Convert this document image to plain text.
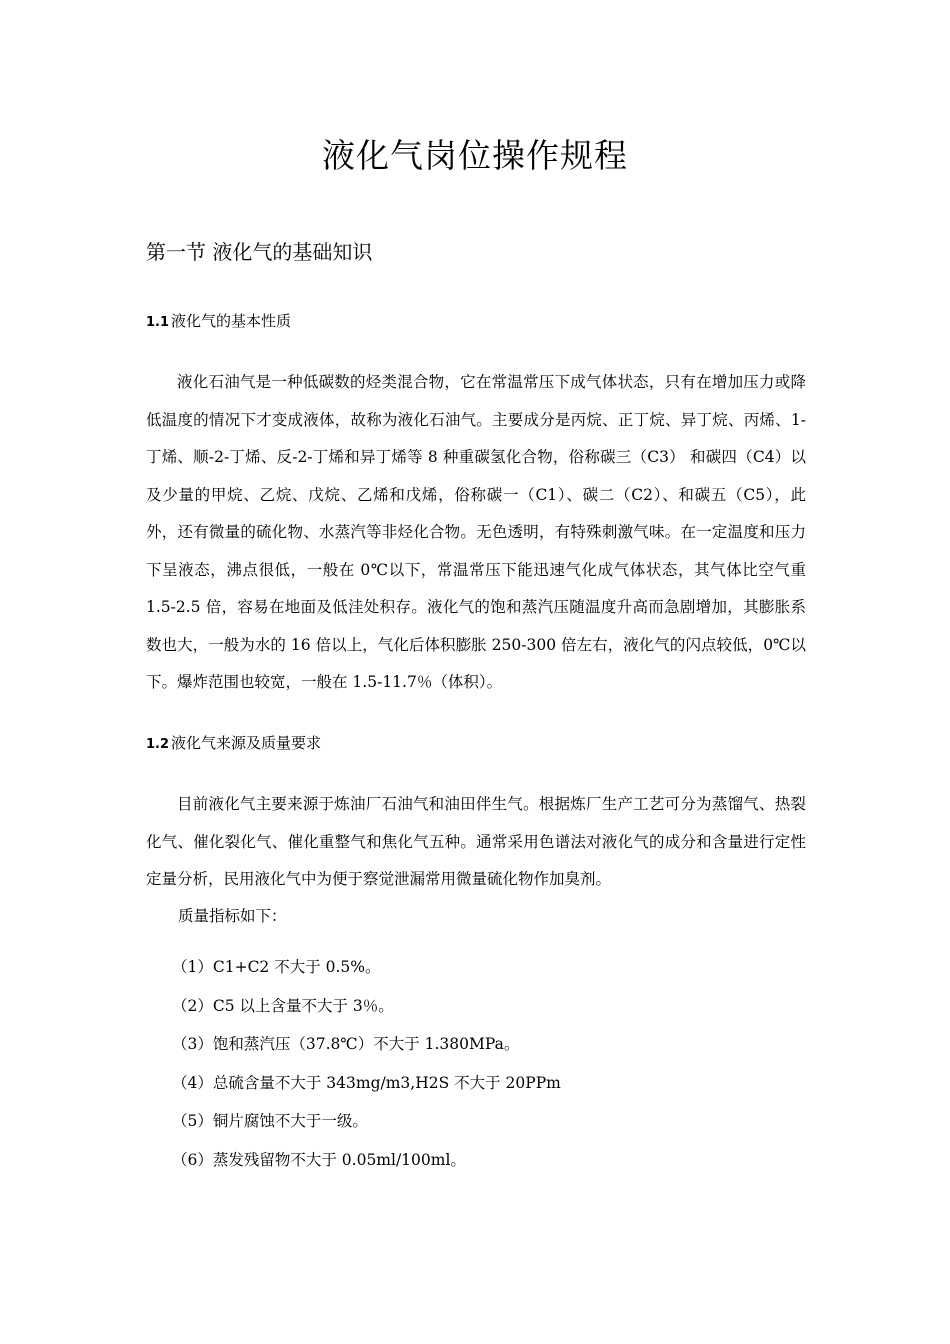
液化气岗位操作规程
第一节 液化气的基础知识
1.1 液化气的基本性质

液化石油气是一种低碳数的烃类混合物，它在常温常压下成气体状态，只有在增加压力或降低温度的情况下才变成液体，故称为液化石油气。主要成分是丙烷、正丁烷、异丁烷、丙烯、1-丁烯、顺-2-丁烯、反-2-丁烯和异丁烯等 8 种重碳氢化合物，俗称碳三（C3） 和碳四（C4）以及少量的甲烷、乙烷、戊烷、乙烯和戊烯，俗称碳一（C1）、碳二（C2）、和碳五（C5），此外，还有微量的硫化物、水蒸汽等非烃化合物。无色透明，有特殊刺激气味。在一定温度和压力下呈液态，沸点很低，一般在 0℃以下，常温常压下能迅速气化成气体状态，其气体比空气重 1.5-2.5 倍，容易在地面及低洼处积存。液化气的饱和蒸汽压随温度升高而急剧增加，其膨胀系数也大，一般为水的 16 倍以上，气化后体积膨胀 250-300 倍左右，液化气的闪点较低，0℃以下。爆炸范围也较宽，一般在 1.5-11.7％（体积）。

1.2 液化气来源及质量要求

目前液化气主要来源于炼油厂石油气和油田伴生气。根据炼厂生产工艺可分为蒸馏气、热裂化气、催化裂化气、催化重整气和焦化气五种。通常采用色谱法对液化气的成分和含量进行定性定量分析，民用液化气中为便于察觉泄漏常用微量硫化物作加臭剂。

质量指标如下：
（1）C1+C2 不大于 0.5%。
（2）C5 以上含量不大于 3％。
（3）饱和蒸汽压（37.8℃）不大于 1.380MPa。
（4）总硫含量不大于 343mg/m3,H2S 不大于 20PPm
（5）铜片腐蚀不大于一级。
（6）蒸发残留物不大于 0.05ml/100ml。
